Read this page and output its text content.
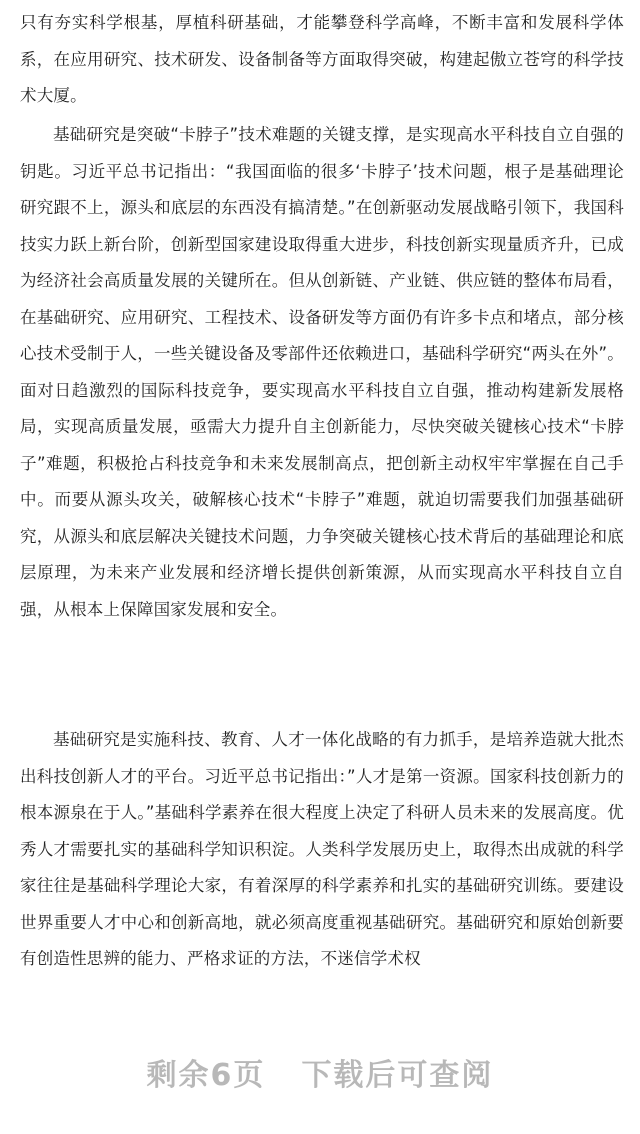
只有夯实科学根基，厚植科研基础，才能攀登科学高峰，不断丰富和发展科学体系，在应用研究、技术研发、设备制备等方面取得突破，构建起傲立苍穹的科学技术大厦。

基础研究是突破“卡脖子”技术难题的关键支撑，是实现高水平科技自立自强的钥匙。习近平总书记指出：“我国面临的很多‘卡脖子’技术问题，根子是基础理论研究跟不上，源头和底层的东西没有搞清楚。”在创新驱动发展战略引领下，我国科技实力跃上新台阶，创新型国家建设取得重大进步，科技创新实现量质齐升，已成为经济社会高质量发展的关键所在。但从创新链、产业链、供应链的整体布局看，在基础研究、应用研究、工程技术、设备研发等方面仍有许多卡点和堵点，部分核心技术受制于人，一些关键设备及零部件还依赖进口，基础科学研究“两头在外”。面对日趋激烈的国际科技竞争，要实现高水平科技自立自强，推动构建新发展格局，实现高质量发展，亟需大力提升自主创新能力，尽快突破关键核心技术“卡脖子”难题，积极抢占科技竞争和未来发展制高点，把创新主动权牢牢掌握在自己手中。而要从源头攻关，破解核心技术“卡脖子”难题，就迫切需要我们加强基础研究，从源头和底层解决关键技术问题，力争突破关键核心技术背后的基础理论和底层原理，为未来产业发展和经济增长提供创新策源，从而实现高水平科技自立自强，从根本上保障国家发展和安全。

基础研究是实施科技、教育、人才一体化战略的有力抓手，是培养造就大批杰出科技创新人才的平台。习近平总书记指出：”人才是第一资源。国家科技创新力的根本源泉在于人。”基础科学素养在很大程度上决定了科研人员未来的发展高度。优秀人才需要扎实的基础科学知识积淀。人类科学发展历史上，取得杰出成就的科学家往往是基础科学理论大家，有着深厚的科学素养和扎实的基础研究训练。要建设世界重要人才中心和创新高地，就必须高度重视基础研究。基础研究和原始创新要有创造性思辨的能力、严格求证的方法，不迷信学术权

剩余6页 下载后可查阅
